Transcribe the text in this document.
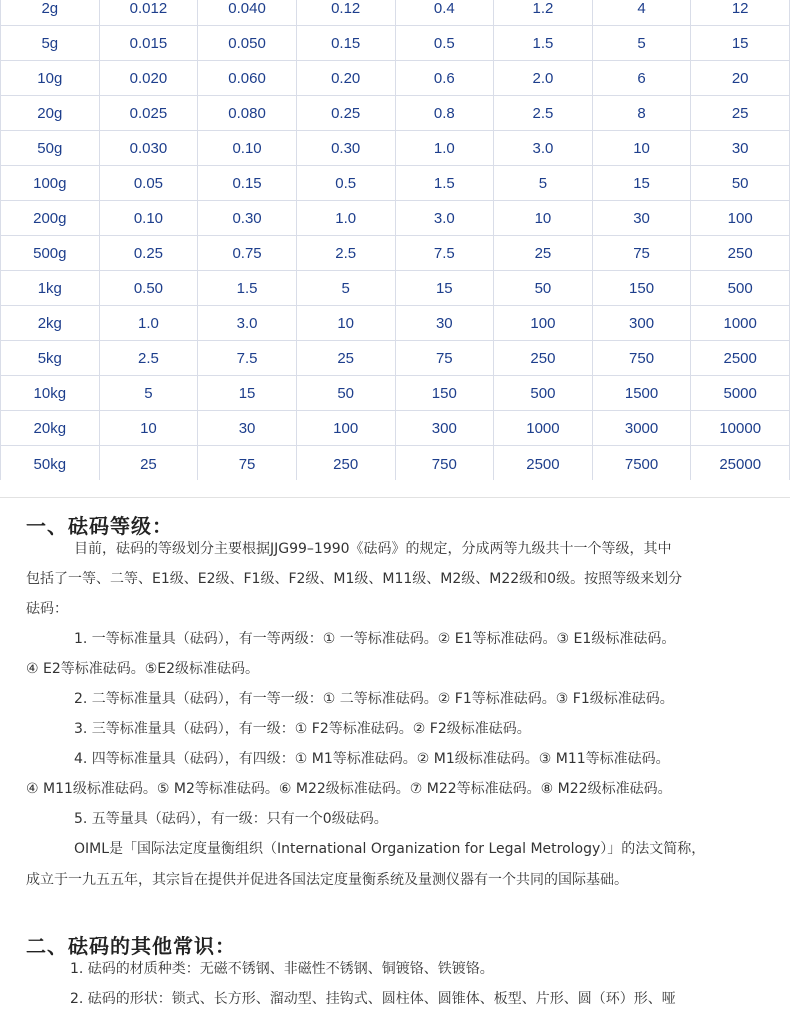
2g	0.012	0.040	0.12	0.4	1.2	4	12
5g	0.015	0.050	0.15	0.5	1.5	5	15
10g	0.020	0.060	0.20	0.6	2.0	6	20
20g	0.025	0.080	0.25	0.8	2.5	8	25
50g	0.030	0.10	0.30	1.0	3.0	10	30
100g	0.05	0.15	0.5	1.5	5	15	50
200g	0.10	0.30	1.0	3.0	10	30	100
500g	0.25	0.75	2.5	7.5	25	75	250
1kg	0.50	1.5	5	15	50	150	500
2kg	1.0	3.0	10	30	100	300	1000
5kg	2.5	7.5	25	75	250	750	2500
10kg	5	15	50	150	500	1500	5000
20kg	10	30	100	300	1000	3000	10000
50kg	25	75	250	750	2500	7500	25000
一、砝码等级：

目前，砝码的等级划分主要根据JJG99–1990《砝码》的规定，分成两等九级共十一个等级，其中

包括了一等、二等、E1级、E2级、F1级、F2级、M1级、M11级、M2级、M22级和0级。按照等级来划分

砝码：

1. 一等标准量具（砝码），有一等两级：① 一等标准砝码。② E1等标准砝码。③ E1级标准砝码。

④ E2等标准砝码。⑤E2级标准砝码。

2. 二等标准量具（砝码），有一等一级：① 二等标准砝码。② F1等标准砝码。③ F1级标准砝码。

3. 三等标准量具（砝码），有一级：① F2等标准砝码。② F2级标准砝码。

4. 四等标准量具（砝码），有四级：① M1等标准砝码。② M1级标准砝码。③ M11等标准砝码。

④ M11级标准砝码。⑤ M2等标准砝码。⑥ M22级标准砝码。⑦ M22等标准砝码。⑧ M22级标准砝码。

5. 五等量具（砝码），有一级：只有一个0级砝码。

OIML是「国际法定度量衡组织（International Organization for Legal Metrology）」的法文简称，

成立于一九五五年，其宗旨在提供并促进各国法定度量衡系统及量测仪器有一个共同的国际基础。

二、砝码的其他常识：

1. 砝码的材质种类：无磁不锈钢、非磁性不锈钢、铜镀铬、铁镀铬。

2. 砝码的形状：锁式、长方形、溜动型、挂钩式、圆柱体、圆锥体、板型、片形、圆（环）形、哑
